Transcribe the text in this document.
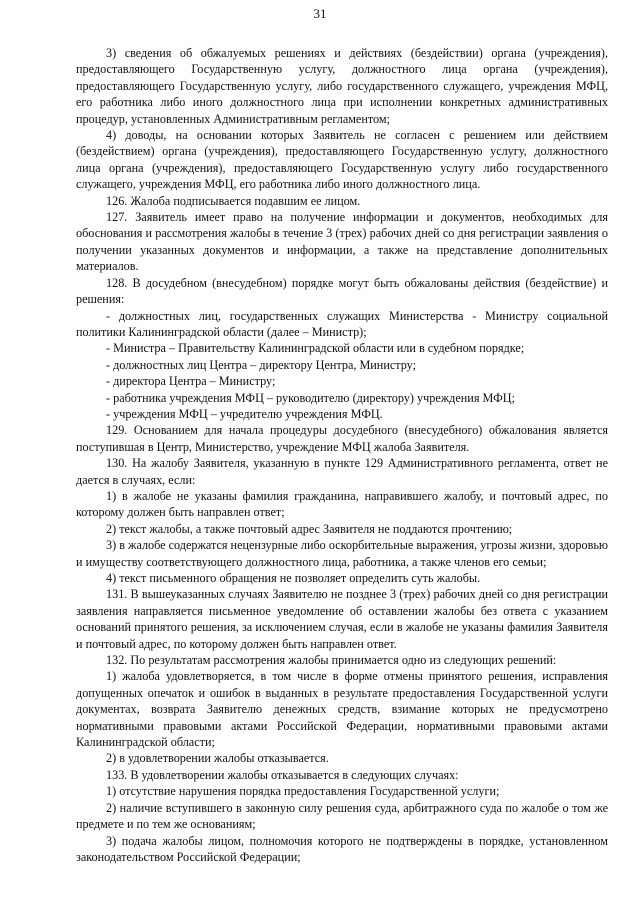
31

3) сведения об обжалуемых решениях и действиях (бездействии) органа (учреждения), предоставляющего Государственную услугу, должностного лица органа (учреждения), предоставляющего Государственную услугу, либо государственного служащего, учреждения МФЦ, его работника либо иного должностного лица при исполнении конкретных административных процедур, установленных Административным регламентом;

4) доводы, на основании которых Заявитель не согласен с решением или действием (бездействием) органа (учреждения), предоставляющего Государственную услугу, должностного лица органа (учреждения), предоставляющего Государственную услугу либо государственного служащего, учреждения МФЦ, его работника либо иного должностного лица.

126. Жалоба подписывается подавшим ее лицом.

127. Заявитель имеет право на получение информации и документов, необходимых для обоснования и рассмотрения жалобы в течение 3 (трех) рабочих дней со дня регистрации заявления о получении указанных документов и информации, а также на представление дополнительных материалов.

128. В досудебном (внесудебном) порядке могут быть обжалованы действия (бездействие) и решения:

- должностных лиц, государственных служащих Министерства - Министру социальной политики Калининградской области (далее – Министр);

- Министра – Правительству Калининградской области или в судебном порядке;

- должностных лиц Центра – директору Центра, Министру;

- директора Центра – Министру;

- работника учреждения МФЦ – руководителю (директору) учреждения МФЦ;

- учреждения МФЦ – учредителю учреждения МФЦ.

129. Основанием для начала процедуры досудебного (внесудебного) обжалования является поступившая в Центр, Министерство, учреждение МФЦ жалоба Заявителя.

130. На жалобу Заявителя, указанную в пункте 129 Административного регламента, ответ не дается в случаях, если:

1) в жалобе не указаны фамилия гражданина, направившего жалобу, и почтовый адрес, по которому должен быть направлен ответ;

2) текст жалобы, а также почтовый адрес Заявителя не поддаются прочтению;

3) в жалобе содержатся нецензурные либо оскорбительные выражения, угрозы жизни, здоровью и имуществу соответствующего должностного лица, работника, а также членов его семьи;

4) текст письменного обращения не позволяет определить суть жалобы.

131. В вышеуказанных случаях Заявителю не позднее 3 (трех) рабочих дней со дня регистрации заявления направляется письменное уведомление об оставлении жалобы без ответа с указанием оснований принятого решения, за исключением случая, если в жалобе не указаны фамилия Заявителя и почтовый адрес, по которому должен быть направлен ответ.

132. По результатам рассмотрения жалобы принимается одно из следующих решений:

1) жалоба удовлетворяется, в том числе в форме отмены принятого решения, исправления допущенных опечаток и ошибок в выданных в результате предоставления Государственной услуги документах, возврата Заявителю денежных средств, взимание которых не предусмотрено нормативными правовыми актами Российской Федерации, нормативными правовыми актами Калининградской области;

2) в удовлетворении жалобы отказывается.

133. В удовлетворении жалобы отказывается в следующих случаях:

1) отсутствие нарушения порядка предоставления Государственной услуги;

2) наличие вступившего в законную силу решения суда, арбитражного суда по жалобе о том же предмете и по тем же основаниям;

3) подача жалобы лицом, полномочия которого не подтверждены в порядке, установленном законодательством Российской Федерации;
